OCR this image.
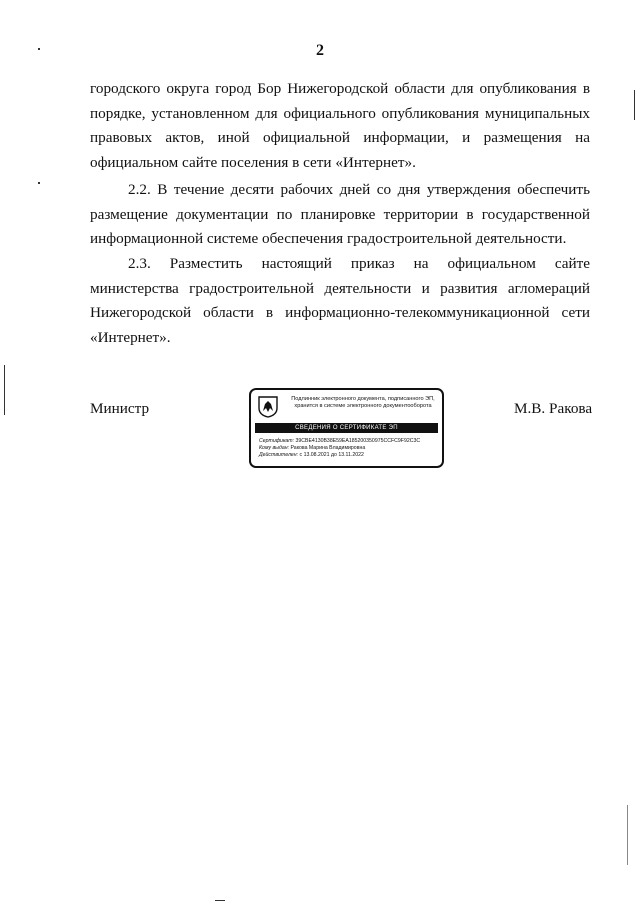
2
городского округа город Бор Нижегородской области для опубликования в порядке, установленном для официального опубликования муниципальных правовых актов, иной официальной информации, и размещения на официальном сайте поселения в сети «Интернет».
2.2. В течение десяти рабочих дней со дня утверждения обеспечить размещение документации по планировке территории в государственной информационной системе обеспечения градостроительной деятельности.
2.3. Разместить настоящий приказ на официальном сайте министерства градостроительной деятельности и развития агломераций Нижегородской области в информационно-телекоммуникационной сети «Интернет».
Министр	М.В. Ракова
Подлинник электронного документа, подписанного ЭП,
хранится в системе электронного документооборота
СВЕДЕНИЯ О СЕРТИФИКАТЕ ЭП
Сертификат: 39CBE4130B38E59EA185200350975CCFC9F92C3C
Кому выдан: Ракова Марина Владимировна
Действителен: с 13.08.2021 до 13.11.2022
